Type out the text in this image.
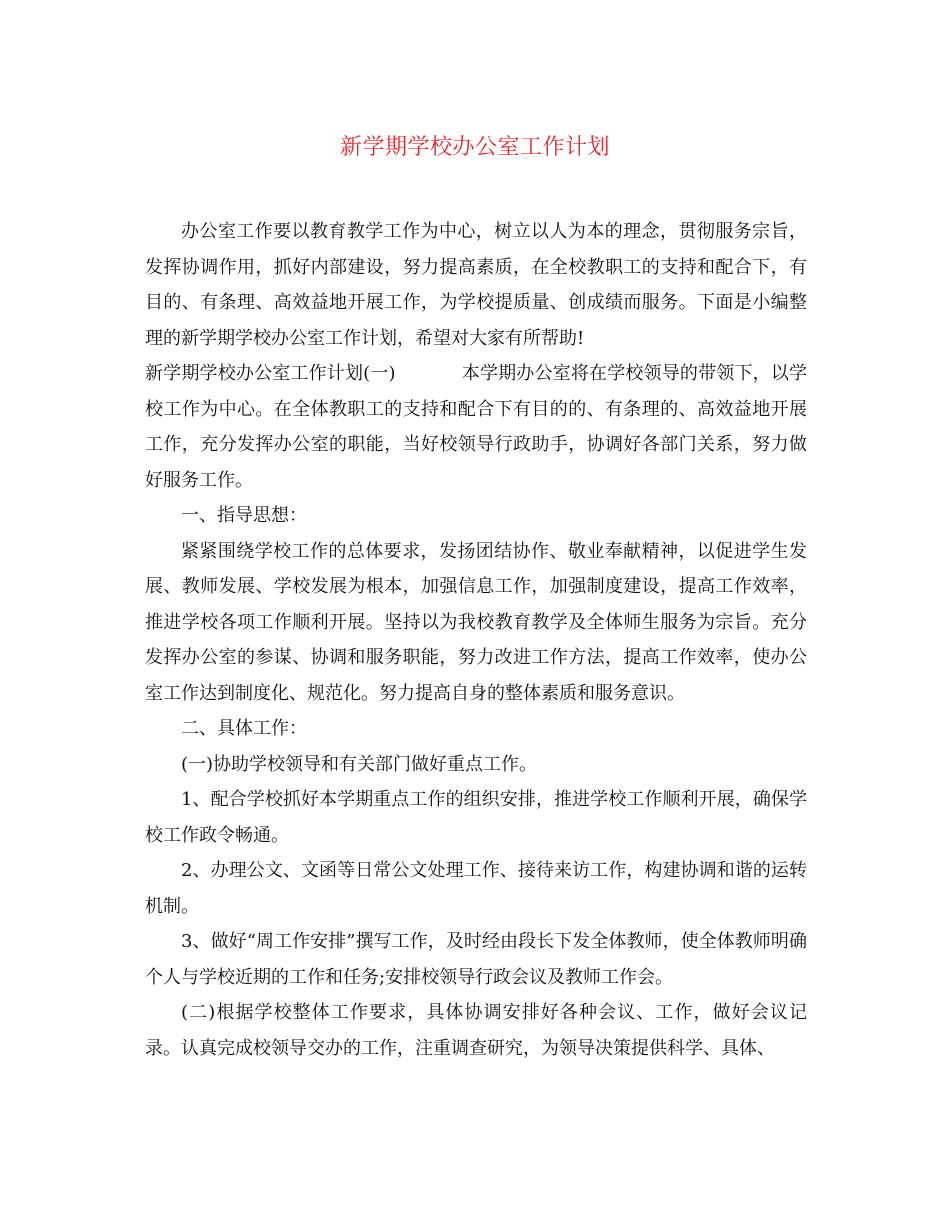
新学期学校办公室工作计划

办公室工作要以教育教学工作为中心，树立以人为本的理念，贯彻服务宗旨，发挥协调作用，抓好内部建设，努力提高素质，在全校教职工的支持和配合下，有目的、有条理、高效益地开展工作，为学校提质量、创成绩而服务。下面是小编整理的新学期学校办公室工作计划，希望对大家有所帮助!

新学期学校办公室工作计划(一)	本学期办公室将在学校领导的带领下，以学校工作为中心。在全体教职工的支持和配合下有目的的、有条理的、高效益地开展工作，充分发挥办公室的职能，当好校领导行政助手，协调好各部门关系，努力做好服务工作。

一、指导思想：

紧紧围绕学校工作的总体要求，发扬团结协作、敬业奉献精神，以促进学生发展、教师发展、学校发展为根本，加强信息工作，加强制度建设，提高工作效率，推进学校各项工作顺利开展。坚持以为我校教育教学及全体师生服务为宗旨。充分发挥办公室的参谋、协调和服务职能，努力改进工作方法，提高工作效率，使办公室工作达到制度化、规范化。努力提高自身的整体素质和服务意识。

二、具体工作：

(一)协助学校领导和有关部门做好重点工作。

1、配合学校抓好本学期重点工作的组织安排，推进学校工作顺利开展，确保学校工作政令畅通。

2、办理公文、文函等日常公文处理工作、接待来访工作，构建协调和谐的运转机制。

3、做好“周工作安排”撰写工作，及时经由段长下发全体教师，使全体教师明确个人与学校近期的工作和任务;安排校领导行政会议及教师工作会。

(二)根据学校整体工作要求，具体协调安排好各种会议、工作，做好会议记录。认真完成校领导交办的工作，注重调查研究，为领导决策提供科学、具体、
